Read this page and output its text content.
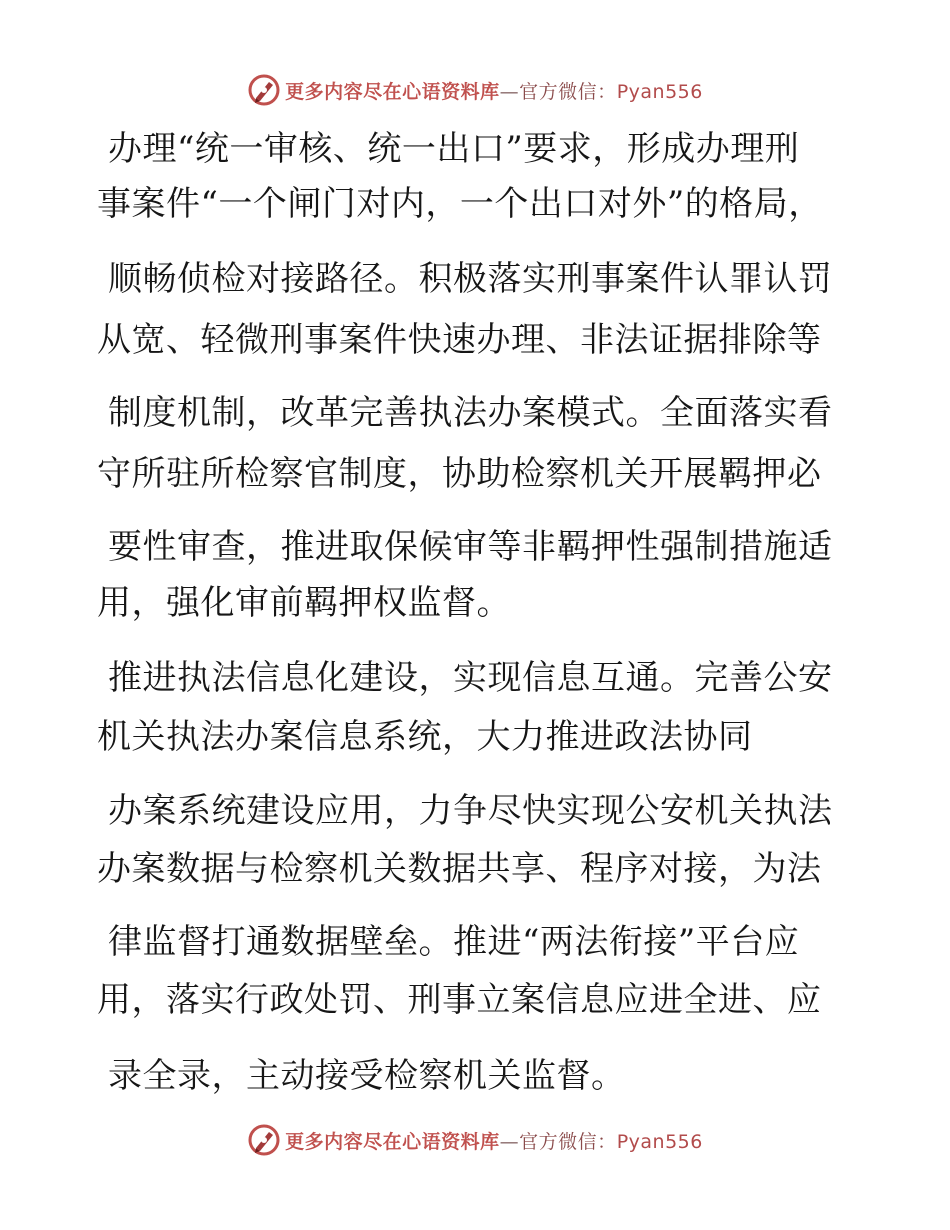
更多内容尽在心语资料库—官方微信：Pyan556
办理“统一审核、统一出口”要求，形成办理刑
事案件“一个闸门对内，一个出口对外”的格局，
顺畅侦检对接路径。积极落实刑事案件认罪认罚
从宽、轻微刑事案件快速办理、非法证据排除等
制度机制，改革完善执法办案模式。全面落实看
守所驻所检察官制度，协助检察机关开展羁押必
要性审查，推进取保候审等非羁押性强制措施适
用，强化审前羁押权监督。
推进执法信息化建设，实现信息互通。完善公安
机关执法办案信息系统，大力推进政法协同
办案系统建设应用，力争尽快实现公安机关执法
办案数据与检察机关数据共享、程序对接，为法
律监督打通数据壁垒。推进“两法衔接”平台应
用，落实行政处罚、刑事立案信息应进全进、应
录全录，主动接受检察机关监督。
更多内容尽在心语资料库—官方微信：Pyan556
